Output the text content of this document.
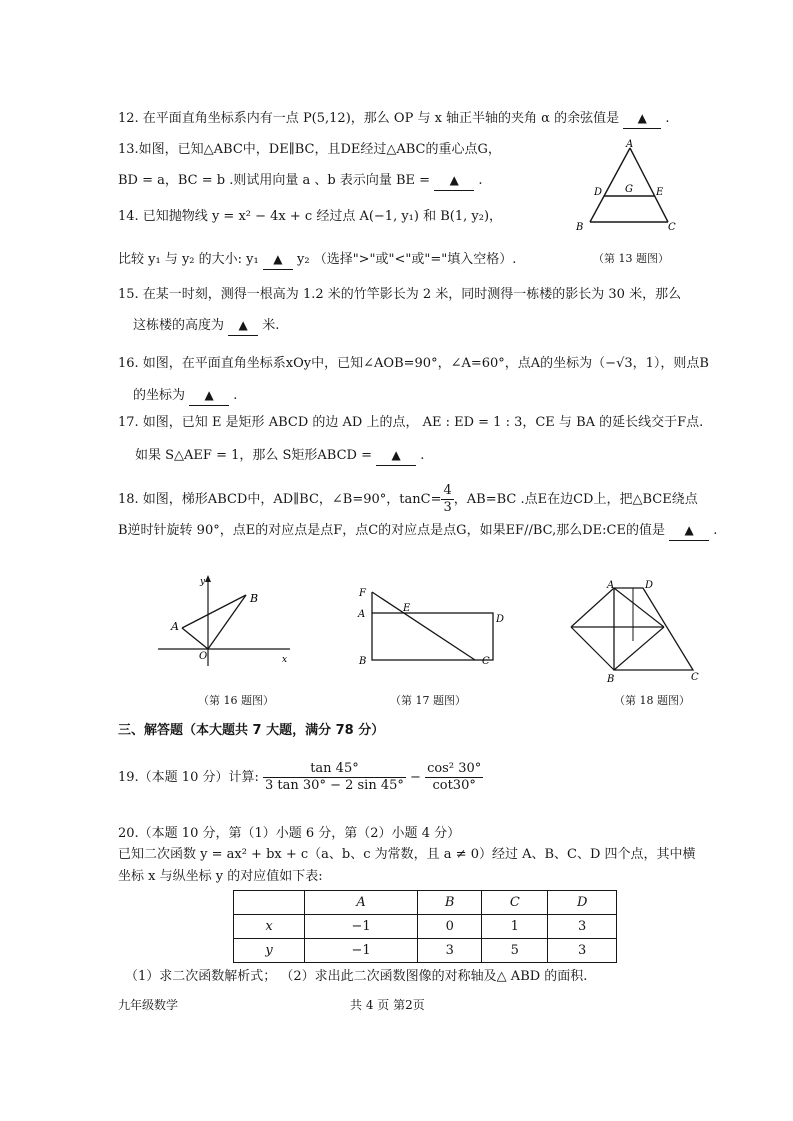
12. 在平面直角坐标系内有一点 P(5,12)，那么 OP 与 x 轴正半轴的夹角 α 的余弦值是 ▲ .
13.如图，已知△ABC中，DE∥BC，且DE经过△ABC的重心点G，
BD = a，BC = b .则试用向量 a 、b 表示向量 BE = ▲ .
A
D G E
B	C
14. 已知抛物线 y = x² − 4x + c 经过点 A(−1, y₁) 和 B(1, y₂)，
比较 y₁ 与 y₂ 的大小: y₁ ▲ y₂ （选择">"或"<"或"="填入空格）.	（第 13 题图）
15. 在某一时刻，测得一根高为 1.2 米的竹竿影长为 2 米，同时测得一栋楼的影长为 30 米，那么
这栋楼的高度为 ▲ 米.
16. 如图，在平面直角坐标系xOy中，已知∠AOB=90°，∠A=60°，点A的坐标为（−√3，1），则点B
的坐标为 ▲ .
17. 如图，已知 E 是矩形 ABCD 的边 AD 上的点， AE : ED = 1 : 3，CE 与 BA 的延长线交于F点.
如果 S△AEF = 1，那么 S矩形ABCD = ▲ .
18. 如图，梯形ABCD中，AD∥BC，∠B=90°，$\tan C= \frac{4}{3}$ ，AB=BC .点E在边CD上，把△BCE绕点
B逆时针旋转 90°，点E的对应点是点F，点C的对应点是点G，如果EF//BC,那么DE:CE的值是 ▲ .
y
B
A
O	x
F
E
A	D
B	C
A	D
B	C
（第 16 题图）	（第 17 题图）	（第 18 题图）
三、解答题（本大题共 7 大题，满分 78 分）
19.（本题 10 分）计算: $\frac{\tan 45^\circ}{3 \tan 30^\circ - 2 \sin 45^\circ} - \frac{\text{cos² 30°}}{\cot 30^\circ}$
20.（本题 10 分，第（1）小题 6 分，第（2）小题 4 分）
已知二次函数 y = ax² + bx + c（a、b、c 为常数，且 a ≠ 0）经过 A、B、C、D 四个点，其中横
坐标 x 与纵坐标 y 的对应值如下表:
	A	B	C	D
x	−1	0	1	3
y	−1	3	5	3
（1）求二次函数解析式； （2）求出此二次函数图像的对称轴及△ ABD 的面积.
九年级数学	共 4 页 第2页
